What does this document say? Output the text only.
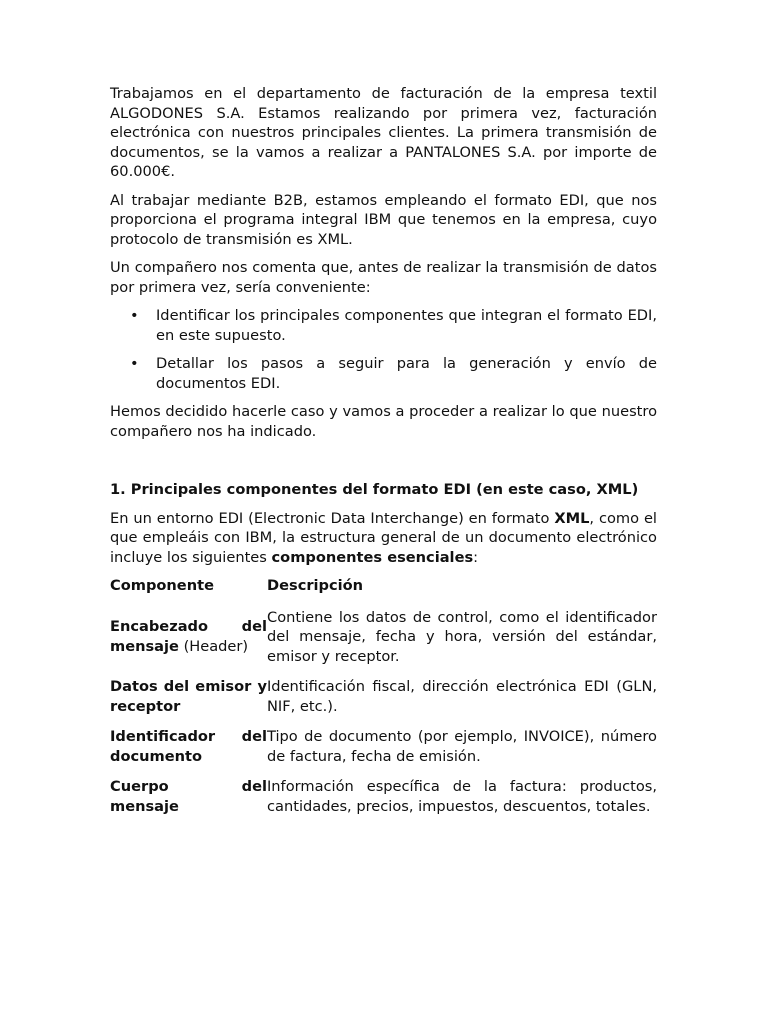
Trabajamos en el departamento de facturación de la empresa textil ALGODONES S.A. Estamos realizando por primera vez, facturación electrónica con nuestros principales clientes. La primera transmisión de documentos, se la vamos a realizar a PANTALONES S.A. por importe de 60.000€.

Al trabajar mediante B2B, estamos empleando el formato EDI, que nos proporciona el programa integral IBM que tenemos en la empresa, cuyo protocolo de transmisión es XML.

Un compañero nos comenta que, antes de realizar la transmisión de datos por primera vez, sería conveniente:

• Identificar los principales componentes que integran el formato EDI, en este supuesto.
• Detallar los pasos a seguir para la generación y envío de documentos EDI.

Hemos decidido hacerle caso y vamos a proceder a realizar lo que nuestro compañero nos ha indicado.

1. Principales componentes del formato EDI (en este caso, XML)

En un entorno EDI (Electronic Data Interchange) en formato XML, como el que empleáis con IBM, la estructura general de un documento electrónico incluye los siguientes componentes esenciales:

Componente	Descripción
Encabezado del mensaje (Header)	Contiene los datos de control, como el identificador del mensaje, fecha y hora, versión del estándar, emisor y receptor.
Datos del emisor y receptor	Identificación fiscal, dirección electrónica EDI (GLN, NIF, etc.).
Identificador del documento	Tipo de documento (por ejemplo, INVOICE), número de factura, fecha de emisión.
Cuerpo del mensaje	Información específica de la factura: productos, cantidades, precios, impuestos, descuentos, totales.
